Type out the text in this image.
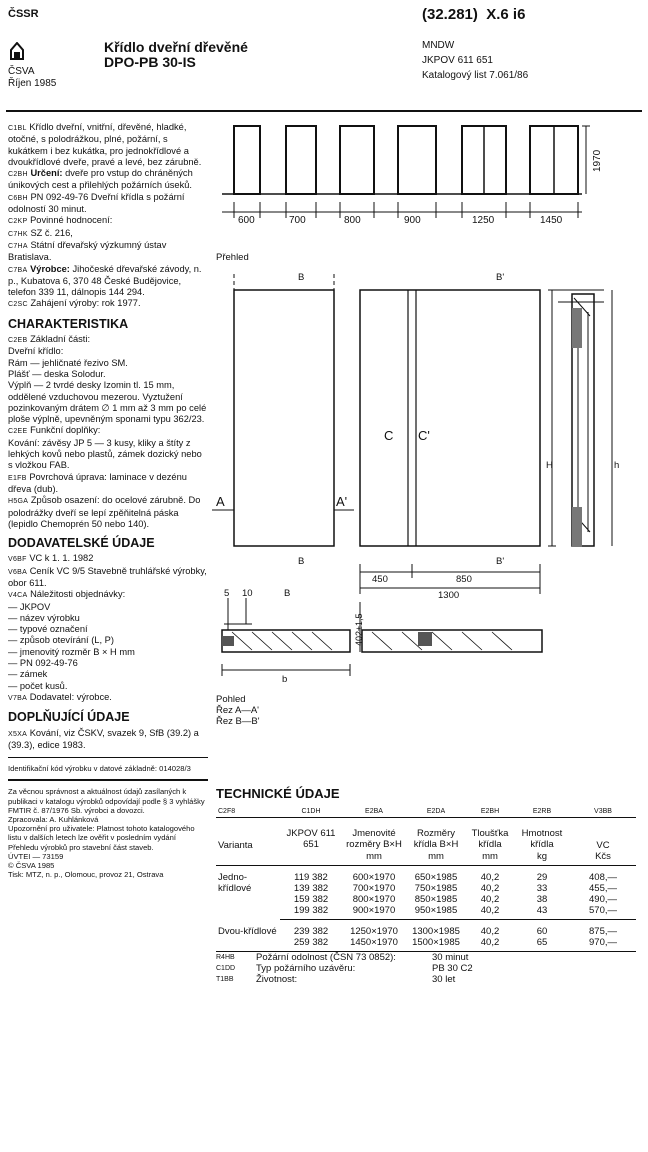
ČSSR	(32.281) X.6 i6
ČSVA
Říjen 1985
Křídlo dveřní dřevěné
DPO-PB 30-IS
MNDW
JKPOV 611 651
Katalogový list 7.061/86

C1BL Křídlo dveřní, vnitřní, dřevěné, hladké, otočné, s polodrážkou, plné, požární, s kukátkem i bez kukátka, pro jednokřídlové a dvoukřídlové dveře, pravé a levé, bez zárubně.

C2BH Určení: dveře pro vstup do chráněných únikových cest a přilehlých požárních úseků.

C6BH PN 092-49-76 Dveřní křídla s požární odolností 30 minut.

C2KP Povinné hodnocení:

C7HK SZ č. 216,

C7HA Státní dřevařský výzkumný ústav Bratislava.

C7BA Výrobce: Jihočeské dřevařské závody, n. p., Kubatova 6, 370 48 České Budějovice, telefon 339 11, dálnopis 144 294.

C2SC Zahájení výroby: rok 1977.

CHARAKTERISTIKA

C2EB Základní části:

Dveřní křídlo:

Rám — jehličnaté řezivo SM.

Plášť — deska Solodur.

Výplň — 2 tvrdé desky Izomin tl. 15 mm, oddělené vzduchovou mezerou. Vyztužení pozinkovaným drátem ∅ 1 mm až 3 mm po celé ploše výplně, upevněným sponami typu 362/23.

C2EE Funkční doplňky:

Kování: závěsy JP 5 — 3 kusy, kliky a štíty z lehkých kovů nebo plastů, zámek dozický nebo s vložkou FAB.

E1FB Povrchová úprava: laminace v dezénu dřeva (dub).

H5GA Způsob osazení: do ocelové zárubně. Do polodrážky dveří se lepí zpěňitelná páska (lepidlo Chemoprén 50 nebo 140).

DODAVATELSKÉ ÚDAJE

V6BF VC k 1. 1. 1982

V6BA Ceník VC 9/5 Stavebně truhlářské výrobky, obor 611.

V4CA Náležitosti objednávky:

— JKPOV

— název výrobku

— typové označení

— způsob otevírání (L, P)

— jmenovitý rozměr B × H mm

— PN 092-49-76

— zámek

— počet kusů.

V7BA Dodavatel: výrobce.

DOPLŇUJÍCÍ ÚDAJE

X5XA Kování, viz ČSKV, svazek 9, SfB (39.2) a (39.3), edice 1983.

Identifikační kód výrobku v datové základně: 014028/3

Za věcnou správnost a aktuálnost údajů zasílaných k publikaci v katalogu výrobků odpovídají podle § 3 vyhlášky FMTIR č. 87/1976 Sb. výrobci a dovozci.

Zpracovala: A. Kuhlánková

Upozornění pro uživatele: Platnost tohoto katalogového listu v dalších letech lze ověřit v posledním vydání Přehledu výrobků pro stavební část staveb.

ÚVTEI — 73159

© ČSVA 1985

Tisk: MTZ, n. p., Olomouc, provoz 21, Ostrava

600	700	800	900	1250	1450
1970
Přehled
B	B'
A	A'
C C'
H	h
B	B'
450	850
1300
5 10	B
402±1,5
b
Pohled
Řez A—A'
Řez B—B'
TECHNICKÉ ÚDAJE
C2F8	C1DH	E2BA	E2DA	E2BH	E2RB	V3BB
Varianta	JKPOV 611 651	Jmenovité rozměry B×H	Rozměry křídla B×H	Tloušťka křídla	Hmotnost křídla	VC
		mm	mm	mm	kg	Kčs
Jedno-křídlové	119 382	600×1970	650×1985	40,2	29	408,—
	139 382	700×1970	750×1985	40,2	33	455,—
	159 382	800×1970	850×1985	40,2	38	490,—
	199 382	900×1970	950×1985	40,2	43	570,—
Dvou-křídlové	239 382	1250×1970	1300×1985	40,2	60	875,—
	259 382	1450×1970	1500×1985	40,2	65	970,—
R4HB	Požární odolnost (ČSN 73 0852):	30 minut
C1DD	Typ požárního uzávěru:	PB 30 C2
T1BB	Životnost:	30 let
